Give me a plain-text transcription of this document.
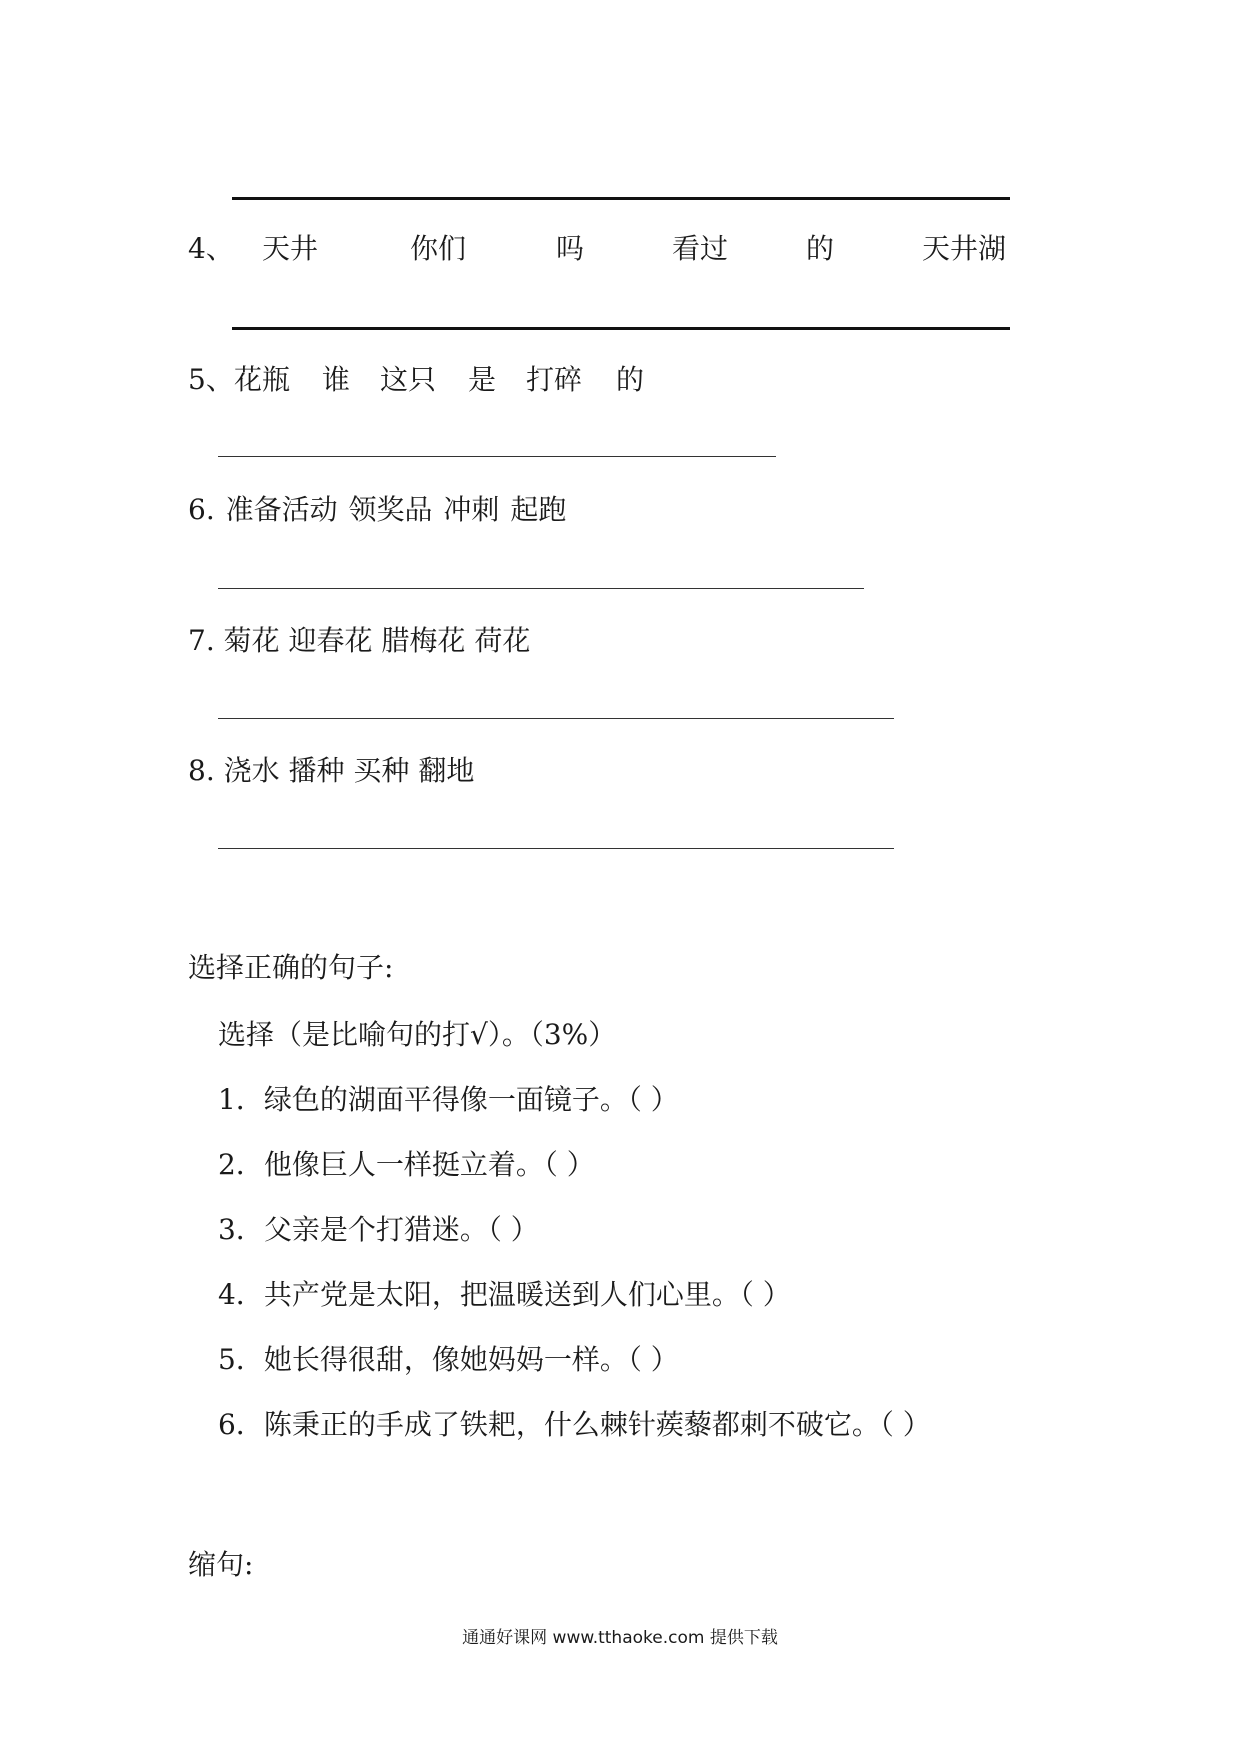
4、 天井	你们	吗	看过	的	天井湖
5、 花瓶 谁 这只 是 打碎 的
6. 准备活动 领奖品 冲刺 起跑
7. 菊花 迎春花 腊梅花 荷花
8. 浇水 播种 买种 翻地
选择正确的句子:
选择（是比喻句的打√）。（3%）
1．绿色的湖面平得像一面镜子。（ ）
2．他像巨人一样挺立着。（ ）
3．父亲是个打猎迷。（ ）
4．共产党是太阳，把温暖送到人们心里。（ ）
5．她长得很甜，像她妈妈一样。（ ）
6．陈秉正的手成了铁耙，什么棘针蒺藜都刺不破它。（ ）
缩句:
通通好课网 www.tthaoke.com 提供下载
